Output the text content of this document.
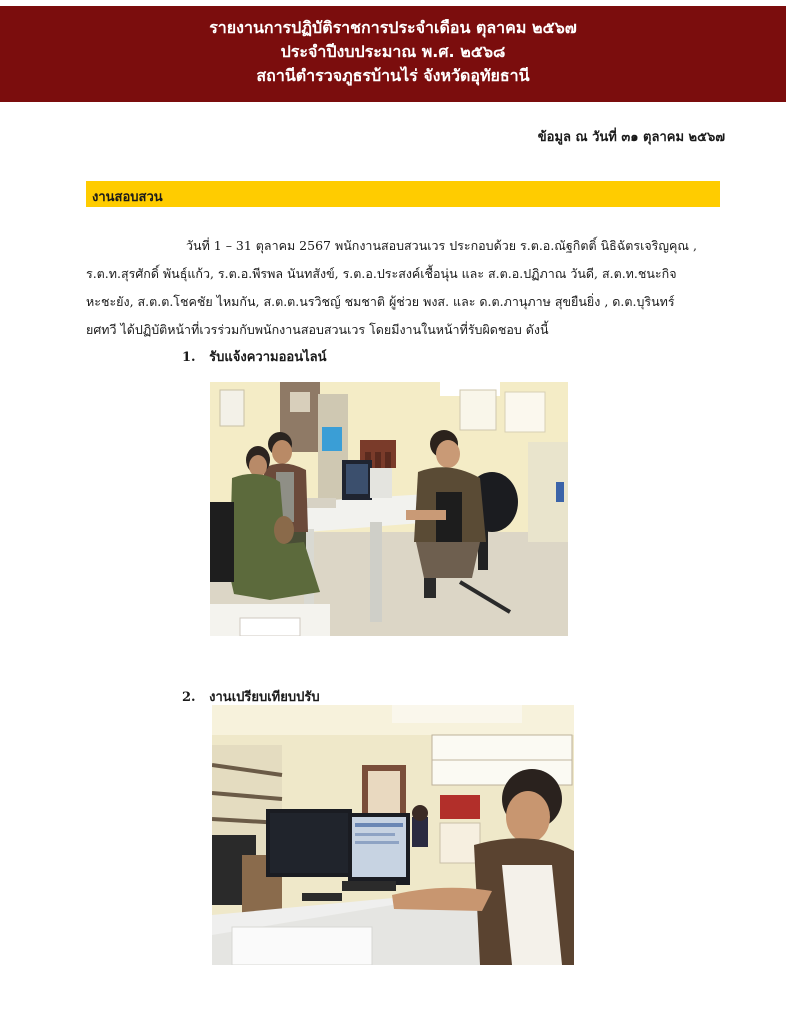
รายงานการปฏิบัติราชการประจำเดือน ตุลาคม ๒๕๖๗
ประจำปีงบประมาณ พ.ศ. ๒๕๖๘
สถานีตำรวจภูธรบ้านไร่ จังหวัดอุทัยธานี
ข้อมูล ณ วันที่ ๓๑ ตุลาคม ๒๕๖๗
งานสอบสวน
วันที่ 1 – 31 ตุลาคม 2567 พนักงานสอบสวนเวร ประกอบด้วย ร.ต.อ.ณัฐกิตติ์ นิธิฉัตรเจริญคุณ ,
ร.ต.ท.สุรศักดิ์ พันธุ์แก้ว, ร.ต.อ.พีรพล นันทสังข์, ร.ต.อ.ประสงค์เชื้อนุ่น และ ส.ต.อ.ปฏิภาณ วันดี, ส.ต.ท.ชนะกิจ
หะชะยัง, ส.ต.ต.โชคชัย ไหมกัน, ส.ต.ต.นรวิชญ์ ชมชาติ ผู้ช่วย พงส. และ ด.ต.ภานุภาษ สุขยืนยิ่ง , ด.ต.บุรินทร์
ยศทวี ได้ปฏิบัติหน้าที่เวรร่วมกับพนักงานสอบสวนเวร โดยมีงานในหน้าที่รับผิดชอบ ดังนี้
1. รับแจ้งความออนไลน์
2. งานเปรียบเทียบปรับ
